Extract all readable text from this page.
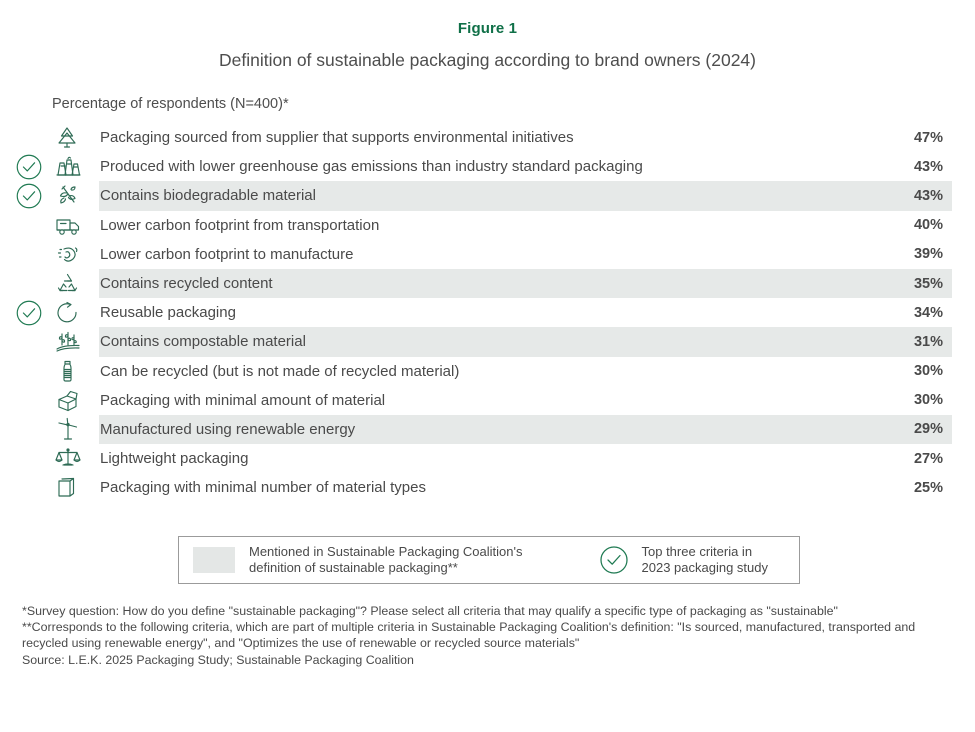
Figure 1
Definition of sustainable packaging according to brand owners (2024)
Percentage of respondents (N=400)*
Packaging sourced from supplier that supports environmental initiatives	47%
Produced with lower greenhouse gas emissions than industry standard packaging	43%
Contains biodegradable material	43%
Lower carbon footprint from transportation	40%
Lower carbon footprint to manufacture	39%
Contains recycled content	35%
Reusable packaging	34%
Contains compostable material	31%
Can be recycled (but is not made of recycled material)	30%
Packaging with minimal amount of material	30%
Manufactured using renewable energy	29%
Lightweight packaging	27%
Packaging with minimal number of material types	25%
Mentioned in Sustainable Packaging Coalition's
definition of sustainable packaging**
Top three criteria in
2023 packaging study

*Survey question: How do you define "sustainable packaging"? Please select all criteria that may qualify a specific type of packaging as "sustainable"

**Corresponds to the following criteria, which are part of multiple criteria in Sustainable Packaging Coalition's definition: "Is sourced, manufactured, transported and recycled using renewable energy", and "Optimizes the use of renewable or recycled source materials"

Source: L.E.K. 2025 Packaging Study; Sustainable Packaging Coalition
